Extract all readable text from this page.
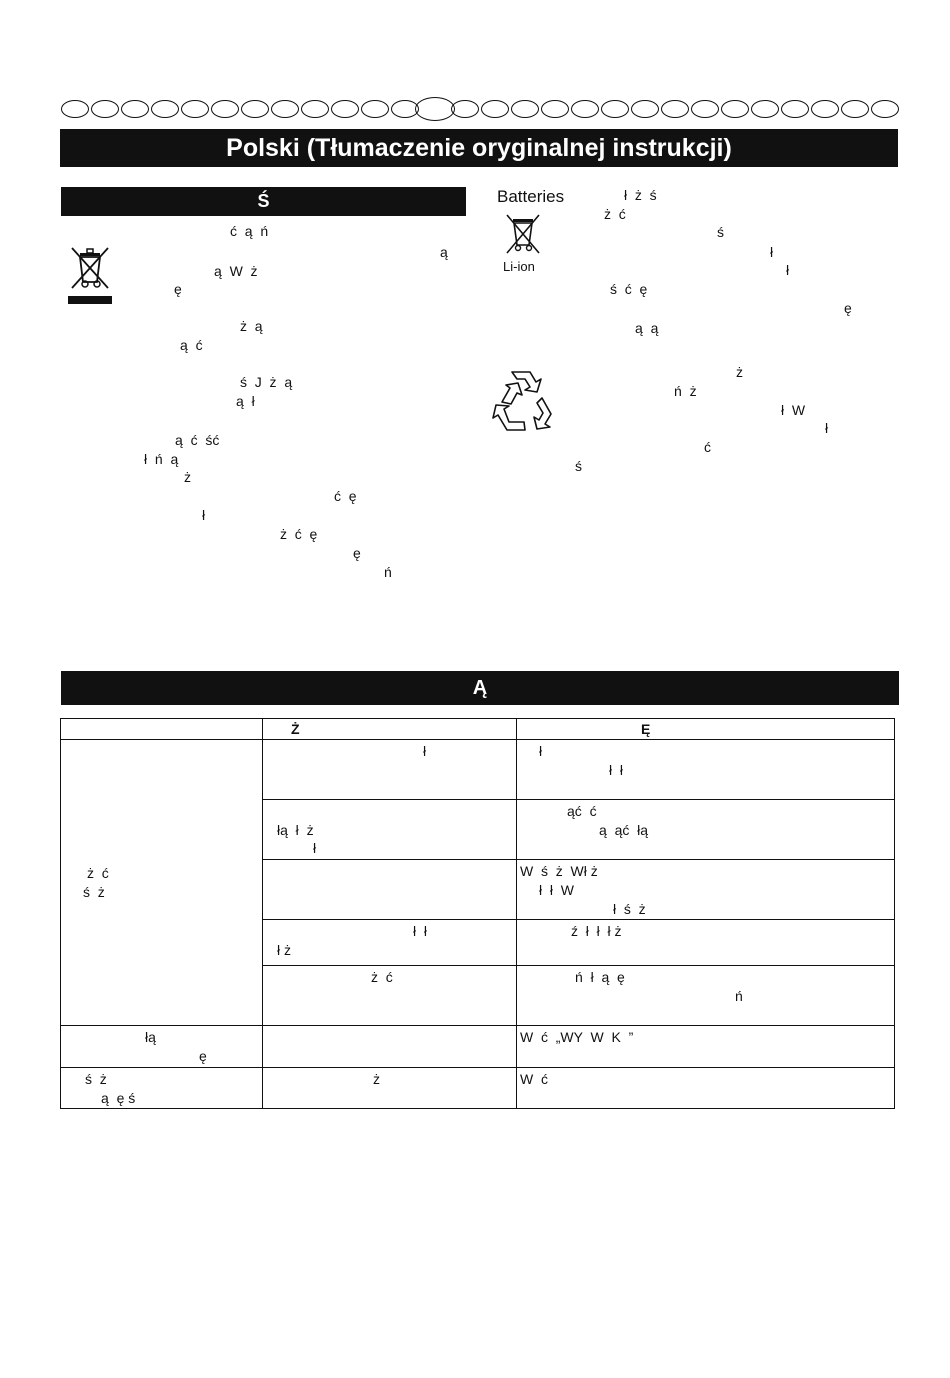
Polski (Tłumaczenie oryginalnej instrukcji)
Ś
ć  ą  ń
ą
ą  W  ż
ę
ż  ą
ą  ć
ś  J  ż  ą
ą  ł
ą  ć  ść
ł  ń  ą
ż
ć  ę
ł
ż  ć  ę
ę
ń
Batteries
Li-ion
ł  ż  ś
ż  ć
ś
ł
ł
ś  ć  ę
ę
ą  ą
ż
ń  ż
ł  W
ł
ć
ś
Ą

	Ż	Ę

ż  ć
ś  ż	ł	ł
ł  ł

	łą  ł  ż
ł	ąć  ć
ą  ąć  łą

		W  ś  ż  Wł ż
ł  ł  W
ł  ś  ż

	ł  ł
ł ż	ź  ł  ł  ł ż

	ż  ć	ń  ł  ą  ę
ń

łą
ę		W  ć  „WY  W  K  ”

ś  ż
ą  ę ś	ż	W  ć
